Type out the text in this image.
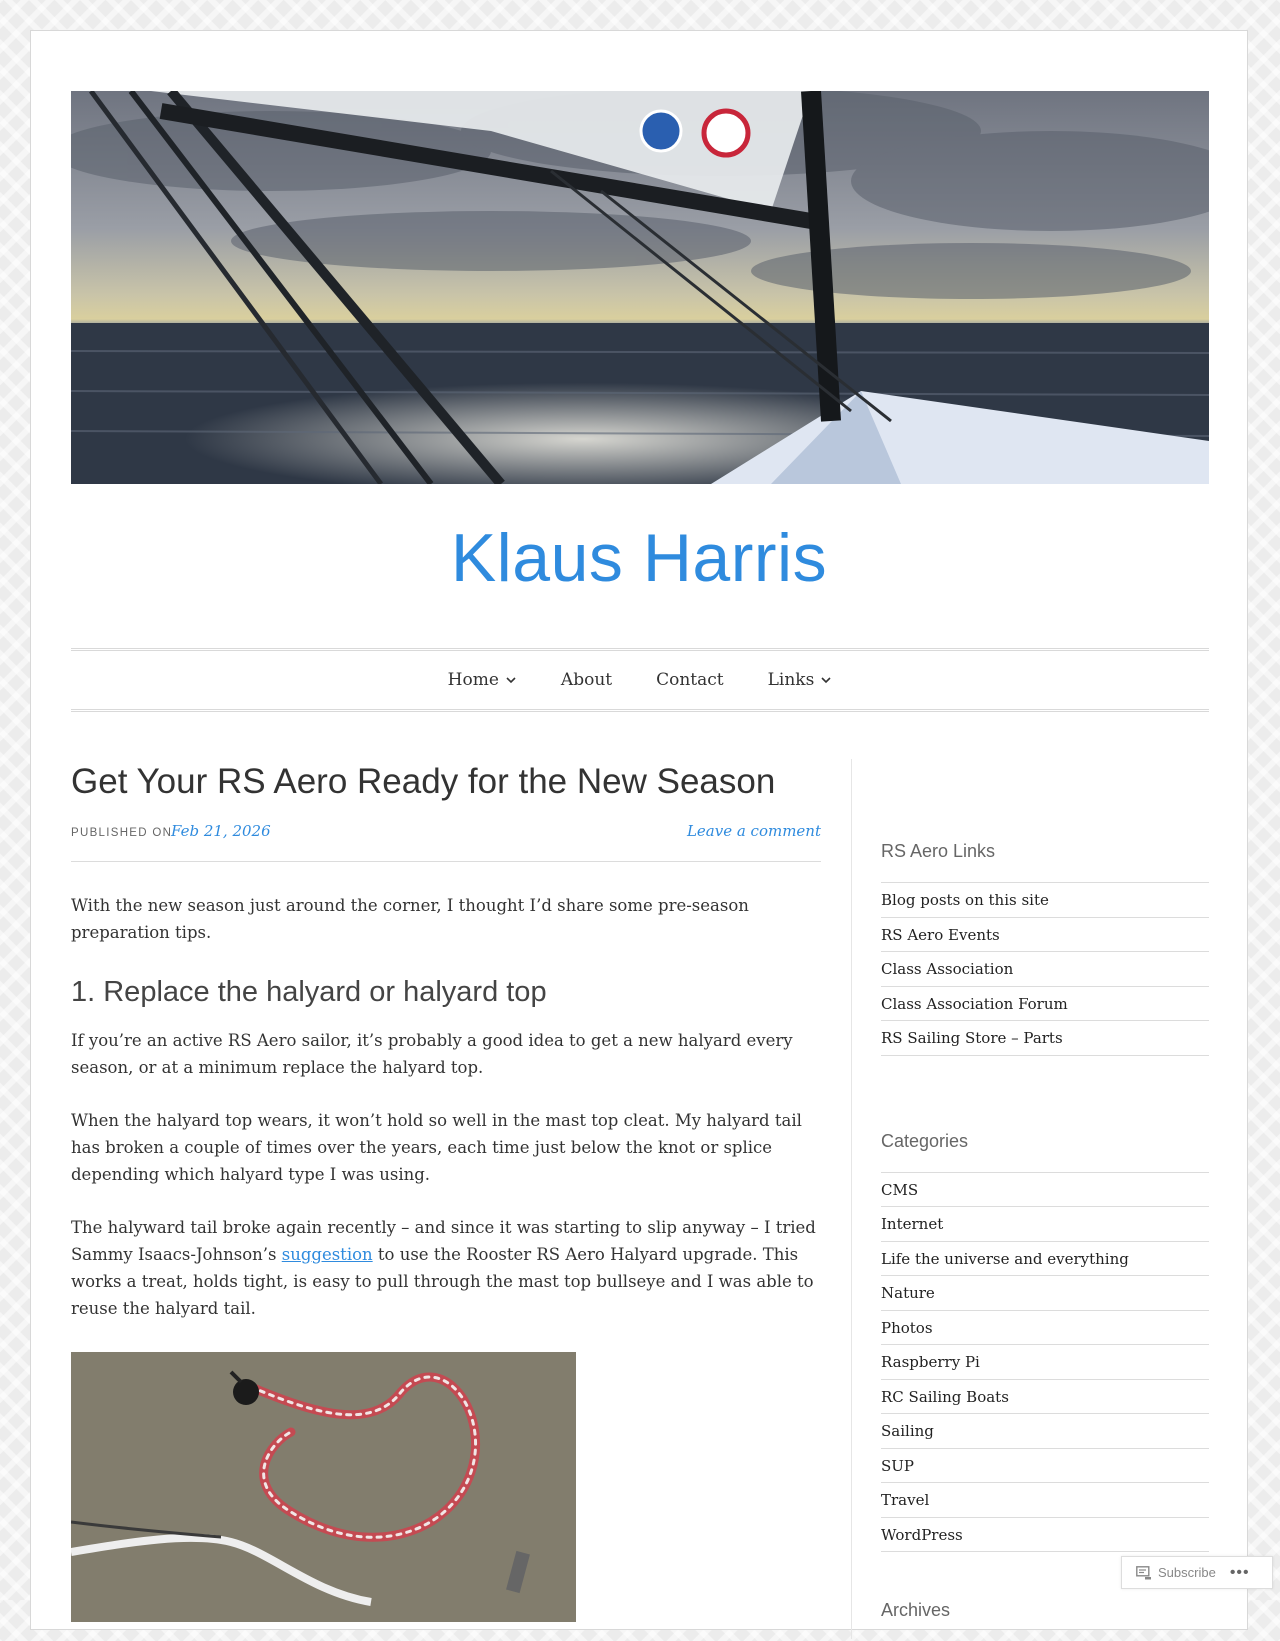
Klaus Harris
Home	About	Contact	Links
Get Your RS Aero Ready for the New Season
PUBLISHED ON
Feb 21, 2026	Leave a comment

With the new season just around the corner, I thought I’d share some pre-season preparation tips.

1. Replace the halyard or halyard top

If you’re an active RS Aero sailor, it’s probably a good idea to get a new halyard every season, or at a minimum replace the halyard top.

When the halyard top wears, it won’t hold so well in the mast top cleat. My halyard tail has broken a couple of times over the years, each time just below the knot or splice depending which halyard type I was using.

The halyward tail broke again recently – and since it was starting to slip anyway – I tried Sammy Isaacs-Johnson’s suggestion to use the Rooster RS Aero Halyard upgrade. This works a treat, holds tight, is easy to pull through the mast top bullseye and I was able to reuse the halyard tail.

RS Aero Links
Blog posts on this site
RS Aero Events
Class Association
Class Association Forum
RS Sailing Store – Parts
Categories
CMS
Internet
Life the universe and everything
Nature
Photos
Raspberry Pi
RC Sailing Boats
Sailing
SUP
Travel
WordPress
Archives
Subscribe •••
